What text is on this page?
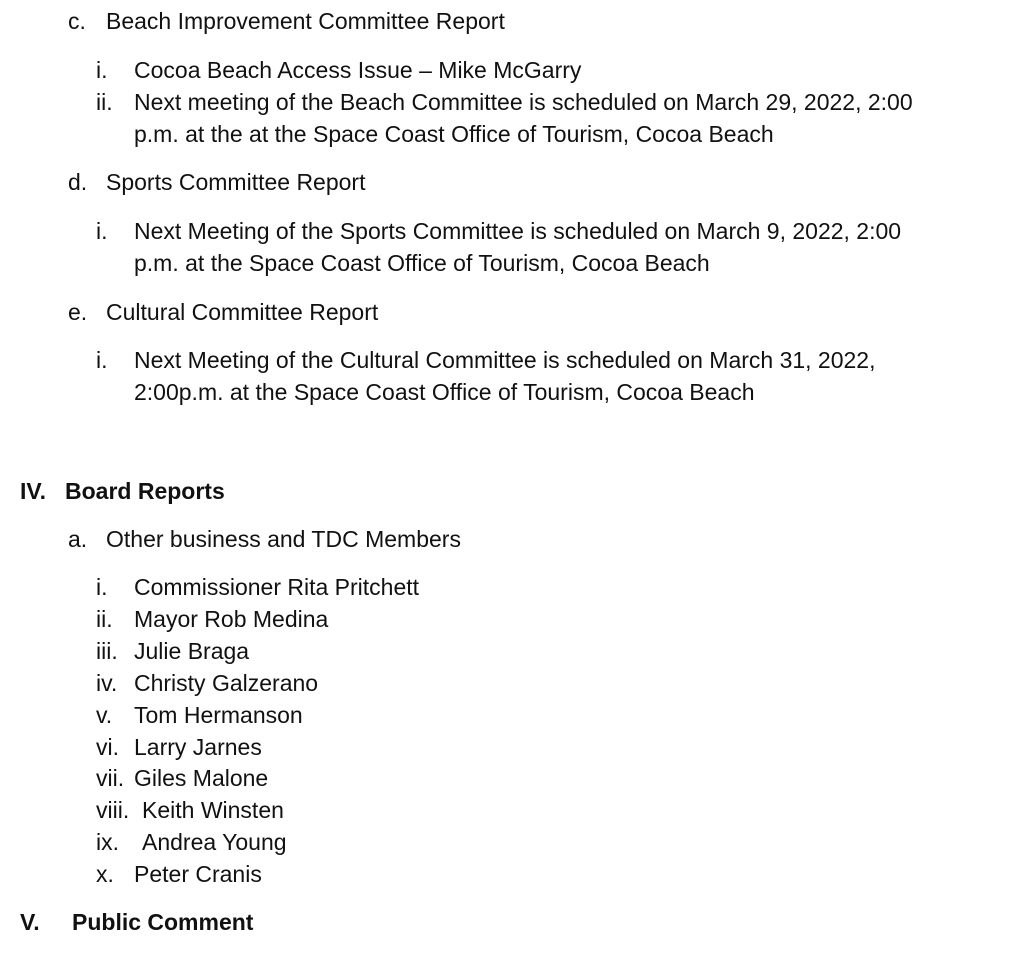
c. Beach Improvement Committee Report
i. Cocoa Beach Access Issue – Mike McGarry
ii. Next meeting of the Beach Committee is scheduled on March 29, 2022, 2:00
p.m. at the at the Space Coast Office of Tourism, Cocoa Beach
d. Sports Committee Report
i. Next Meeting of the Sports Committee is scheduled on March 9, 2022, 2:00
p.m. at the Space Coast Office of Tourism, Cocoa Beach
e. Cultural Committee Report
i. Next Meeting of the Cultural Committee is scheduled on March 31, 2022,
2:00p.m. at the Space Coast Office of Tourism, Cocoa Beach
IV. Board Reports
a. Other business and TDC Members
i. Commissioner Rita Pritchett
ii. Mayor Rob Medina
iii. Julie Braga
iv. Christy Galzerano
v. Tom Hermanson
vi. Larry Jarnes
vii. Giles Malone
viii. Keith Winsten
ix. Andrea Young
x. Peter Cranis
V. Public Comment
